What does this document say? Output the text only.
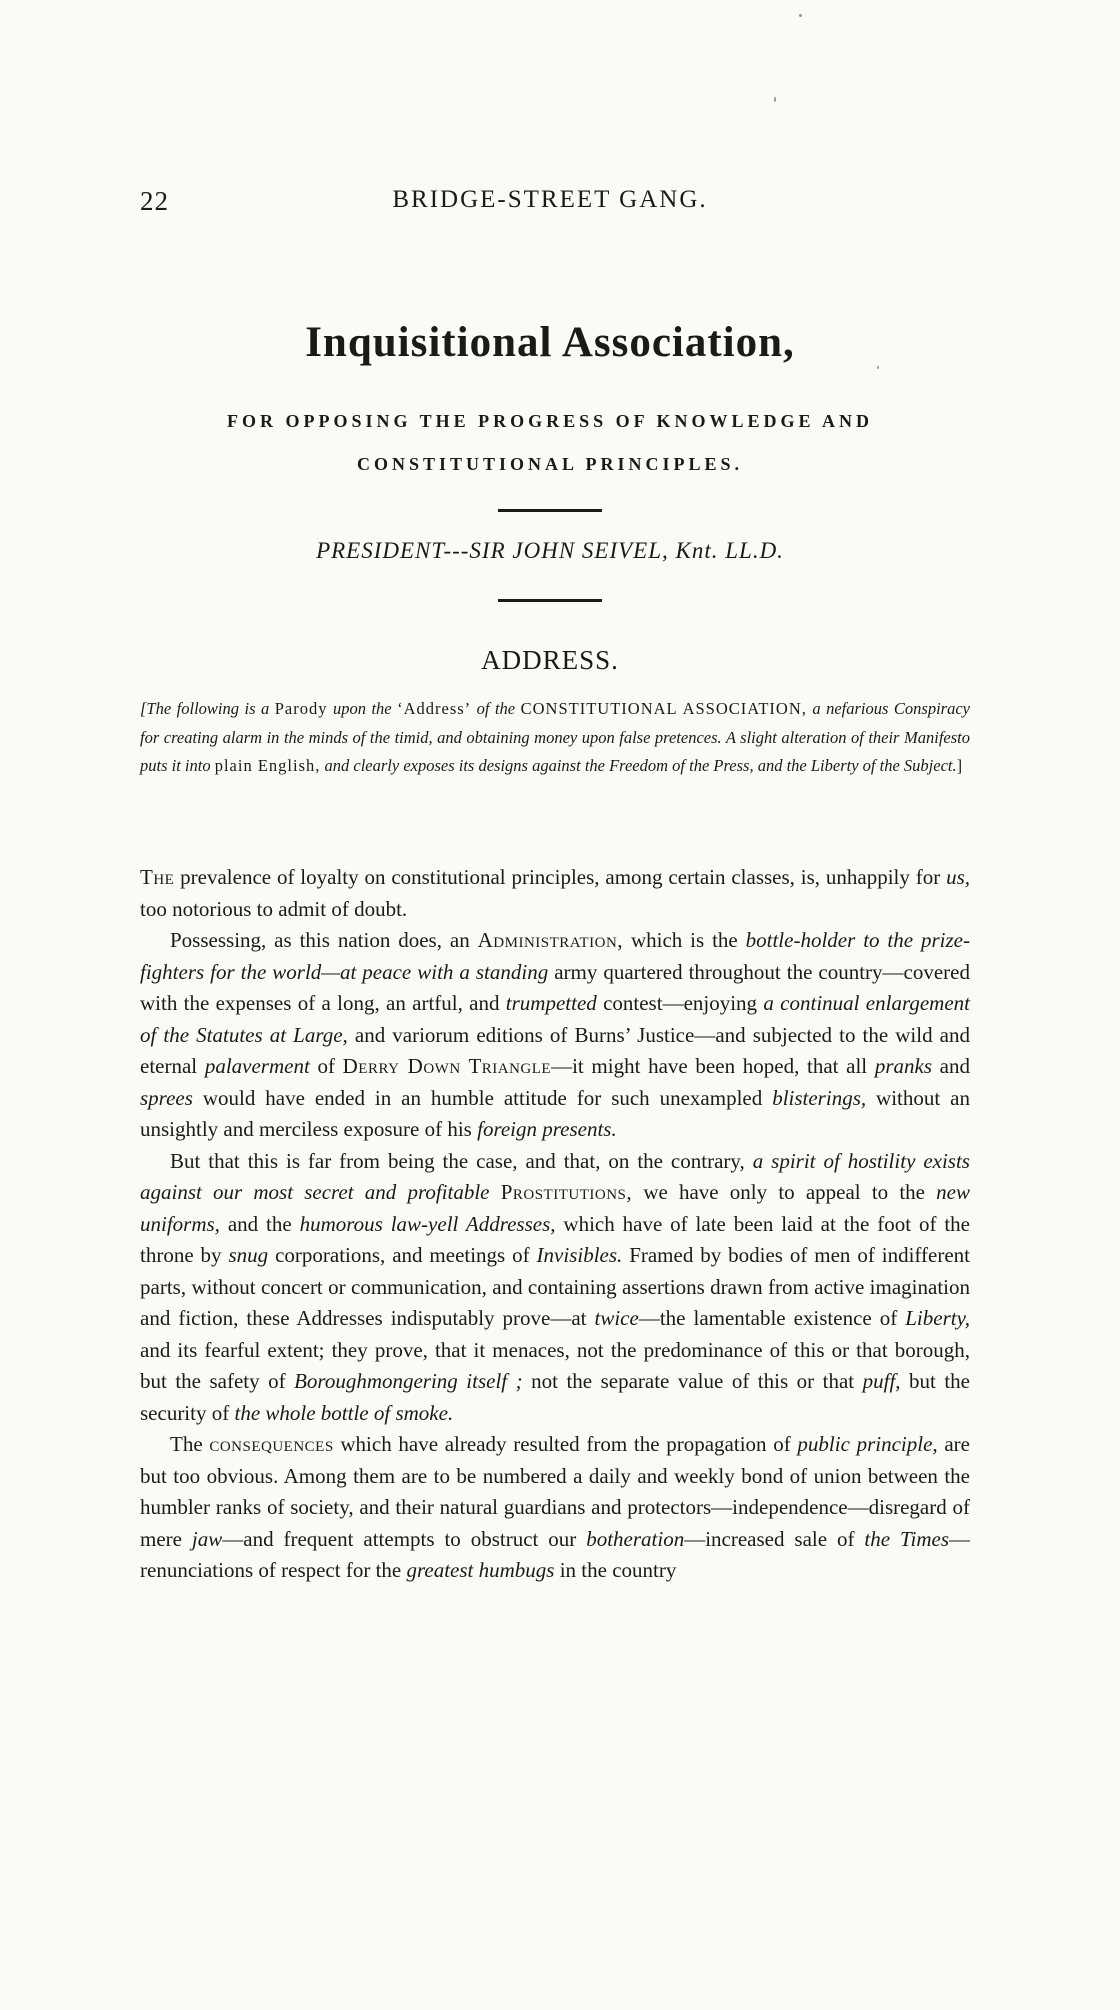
22	BRIDGE-STREET GANG.
Inquisitional Association,
FOR OPPOSING THE PROGRESS OF KNOWLEDGE AND
CONSTITUTIONAL PRINCIPLES.
PRESIDENT---SIR JOHN SEIVEL, Knt. LL.D.
ADDRESS.
[The following is a Parody upon the ‘Address’ of the CONSTITUTIONAL ASSOCIATION, a nefarious Conspiracy for creating alarm in the minds of the timid, and obtaining money upon false pretences. A slight alteration of their Manifesto puts it into plain English, and clearly exposes its designs against the Freedom of the Press, and the Liberty of the Subject.]

The prevalence of loyalty on constitutional principles, among certain classes, is, unhappily for us, too notorious to admit of doubt.

Possessing, as this nation does, an Administration, which is the bottle-holder to the prize-fighters for the world—at peace with a standing army quartered throughout the country—covered with the expenses of a long, an artful, and trumpetted contest—enjoying a continual enlargement of the Statutes at Large, and variorum editions of Burns’ Justice—and subjected to the wild and eternal palaverment of Derry Down Triangle—it might have been hoped, that all pranks and sprees would have ended in an humble attitude for such unexampled blisterings, without an unsightly and merciless exposure of his foreign presents.

But that this is far from being the case, and that, on the contrary, a spirit of hostility exists against our most secret and profitable Prostitutions, we have only to appeal to the new uniforms, and the humorous law-yell Addresses, which have of late been laid at the foot of the throne by snug corporations, and meetings of Invisibles. Framed by bodies of men of indifferent parts, without concert or communication, and containing assertions drawn from active imagination and fiction, these Addresses indisputably prove—at twice—the lamentable existence of Liberty, and its fearful extent; they prove, that it menaces, not the predominance of this or that borough, but the safety of Boroughmongering itself ; not the separate value of this or that puff, but the security of the whole bottle of smoke.

The consequences which have already resulted from the propagation of public principle, are but too obvious. Among them are to be numbered a daily and weekly bond of union between the humbler ranks of society, and their natural guardians and protectors—independence—disregard of mere jaw—and frequent attempts to obstruct our botheration—increased sale of the Times—renunciations of respect for the greatest humbugs in the country
